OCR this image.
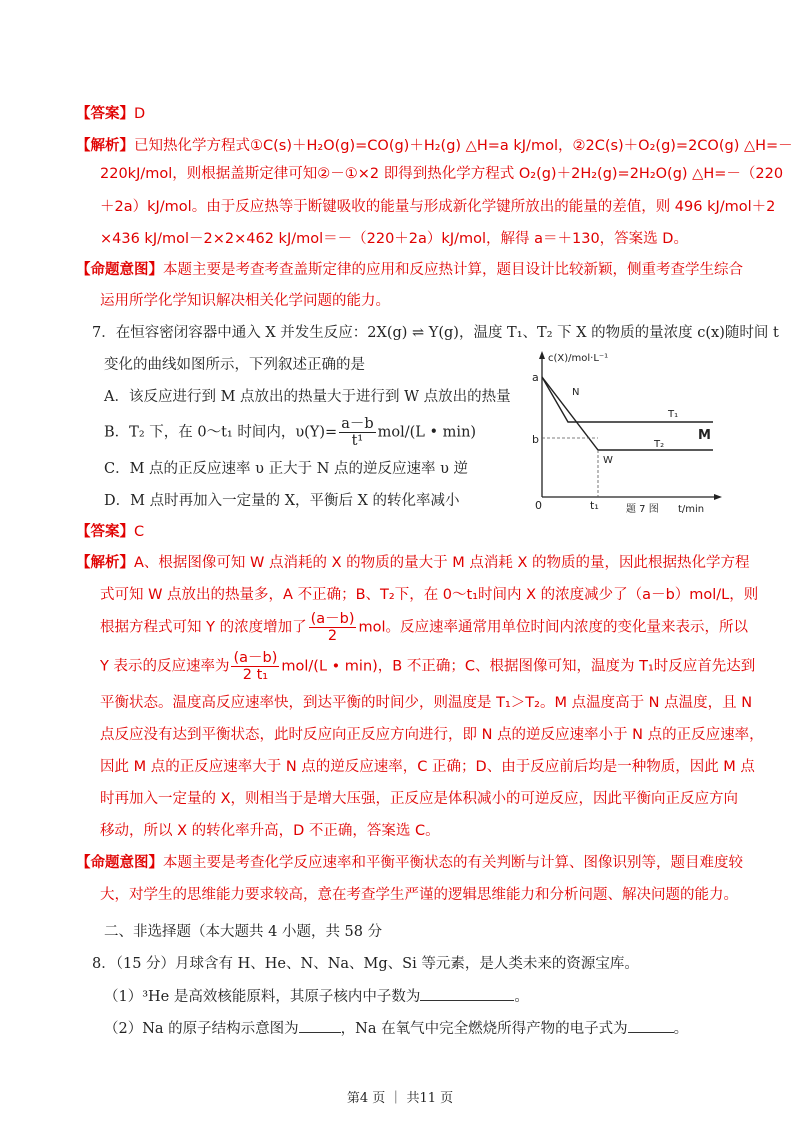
【答案】D
【解析】已知热化学方程式①C(s)＋H₂O(g)=CO(g)＋H₂(g) △H=a kJ/mol，②2C(s)＋O₂(g)=2CO(g) △H=－
220kJ/mol，则根据盖斯定律可知②－①×2 即得到热化学方程式 O₂(g)＋2H₂(g)=2H₂O(g) △H=－（220
＋2a）kJ/mol。由于反应热等于断键吸收的能量与形成新化学键所放出的能量的差值，则 496 kJ/mol＋2
×436 kJ/mol－2×2×462 kJ/mol＝－（220＋2a）kJ/mol，解得 a＝＋130，答案选 D。
【命题意图】本题主要是考查考查盖斯定律的应用和反应热计算，题目设计比较新颖，侧重考查学生综合
运用所学化学知识解决相关化学问题的能力。
7．在恒容密闭容器中通入 X 并发生反应：2X(g) ⇌ Y(g)，温度 T₁、T₂ 下 X 的物质的量浓度 c(x)随时间 t
变化的曲线如图所示，下列叙述正确的是
A．该反应进行到 M 点放出的热量大于进行到 W 点放出的热量
B．T₂ 下，在 0～t₁ 时间内，$\upsilon(Y)= \frac{a-b}{\text{t¹}} mol/(L$ • min)
C．M 点的正反应速率 υ 正大于 N 点的逆反应速率 υ 逆
D．M 点时再加入一定量的 X，平衡后 X 的转化率减小
c(X)/mol·L⁻¹
t/min
a
b
0	t₁
N
W
M
T₁
T₂
题 7 图
【答案】C
【解析】A、根据图像可知 W 点消耗的 X 的物质的量大于 M 点消耗 X 的物质的量，因此根据热化学方程
式可知 W 点放出的热量多，A 不正确；B、T₂下，在 0～t₁时间内 X 的浓度减少了（a－b）mol/L，则
根据方程式可知 Y 的浓度增加了 $\frac{(a-b)}{2}$ mol。反应速率通常用单位时间内浓度的变化量来表示，所以
Y 表示的反应速率为 $\frac{(a-b)}{\text{2 t₁}} mol/(L$ • min)，B 不正确；C、根据图像可知，温度为 T₁时反应首先达到
平衡状态。温度高反应速率快，到达平衡的时间少，则温度是 T₁＞T₂。M 点温度高于 N 点温度，且 N
点反应没有达到平衡状态，此时反应向正反应方向进行，即 N 点的逆反应速率小于 N 点的正反应速率，
因此 M 点的正反应速率大于 N 点的逆反应速率，C 正确；D、由于反应前后均是一种物质，因此 M 点
时再加入一定量的 X，则相当于是增大压强，正反应是体积减小的可逆反应，因此平衡向正反应方向
移动，所以 X 的转化率升高，D 不正确，答案选 C。
【命题意图】本题主要是考查化学反应速率和平衡平衡状态的有关判断与计算、图像识别等，题目难度较
大，对学生的思维能力要求较高，意在考查学生严谨的逻辑思维能力和分析问题、解决问题的能力。
二、非选择题（本大题共 4 小题，共 58 分
8．（15 分）月球含有 H、He、N、Na、Mg、Si 等元素，是人类未来的资源宝库。
（1）³He 是高效核能原料，其原子核内中子数为	。
（2）Na 的原子结构示意图为	，Na 在氧气中完全燃烧所得产物的电子式为	。
第4 页 ｜ 共11 页
